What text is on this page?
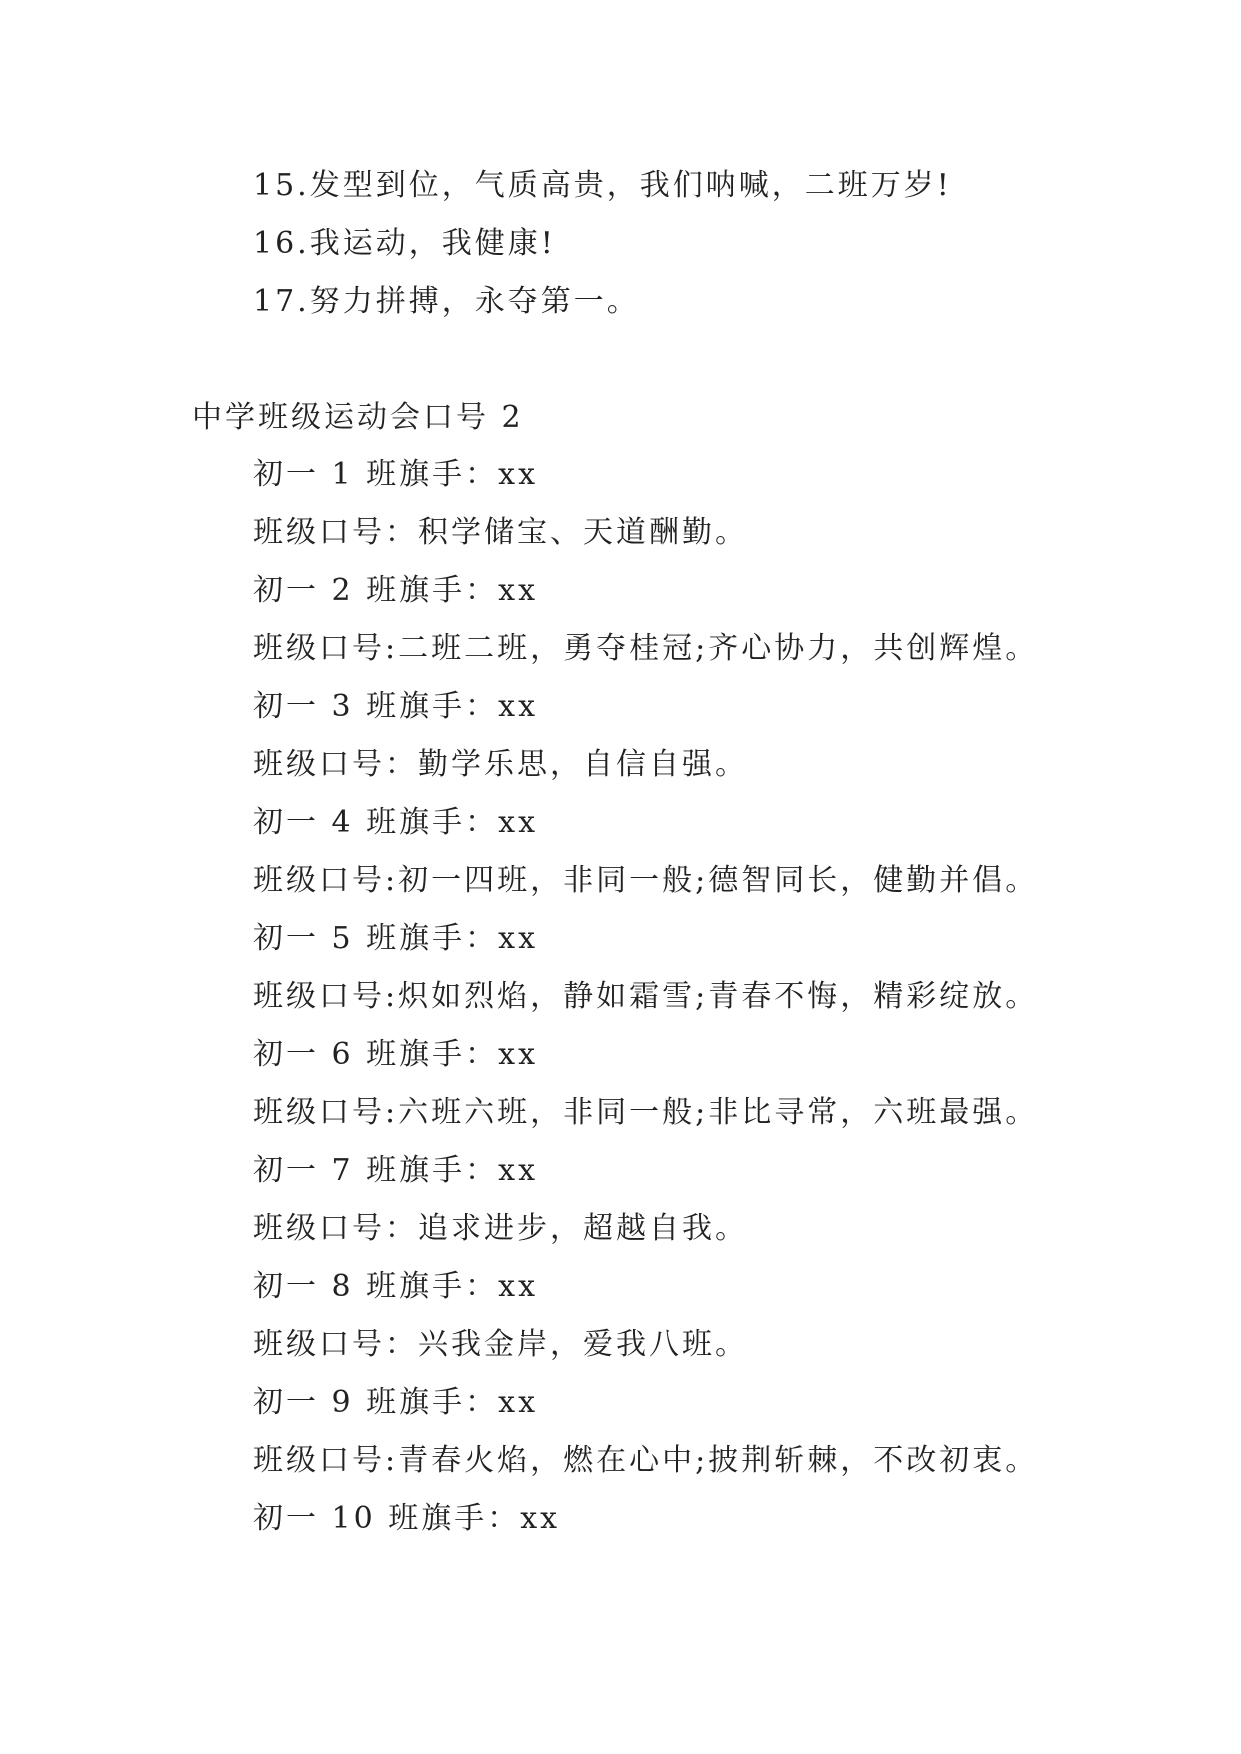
15.发型到位，气质高贵，我们呐喊，二班万岁!
16.我运动，我健康!
17.努力拼搏，永夺第一。
中学班级运动会口号 2
初一 1 班旗手：xx
班级口号：积学储宝、天道酬勤。
初一 2 班旗手：xx
班级口号:二班二班，勇夺桂冠;齐心协力，共创辉煌。
初一 3 班旗手：xx
班级口号：勤学乐思，自信自强。
初一 4 班旗手：xx
班级口号:初一四班，非同一般;德智同长，健勤并倡。
初一 5 班旗手：xx
班级口号:炽如烈焰，静如霜雪;青春不悔，精彩绽放。
初一 6 班旗手：xx
班级口号:六班六班，非同一般;非比寻常，六班最强。
初一 7 班旗手：xx
班级口号：追求进步，超越自我。
初一 8 班旗手：xx
班级口号：兴我金岸，爱我八班。
初一 9 班旗手：xx
班级口号:青春火焰，燃在心中;披荆斩棘，不改初衷。
初一 10 班旗手：xx
